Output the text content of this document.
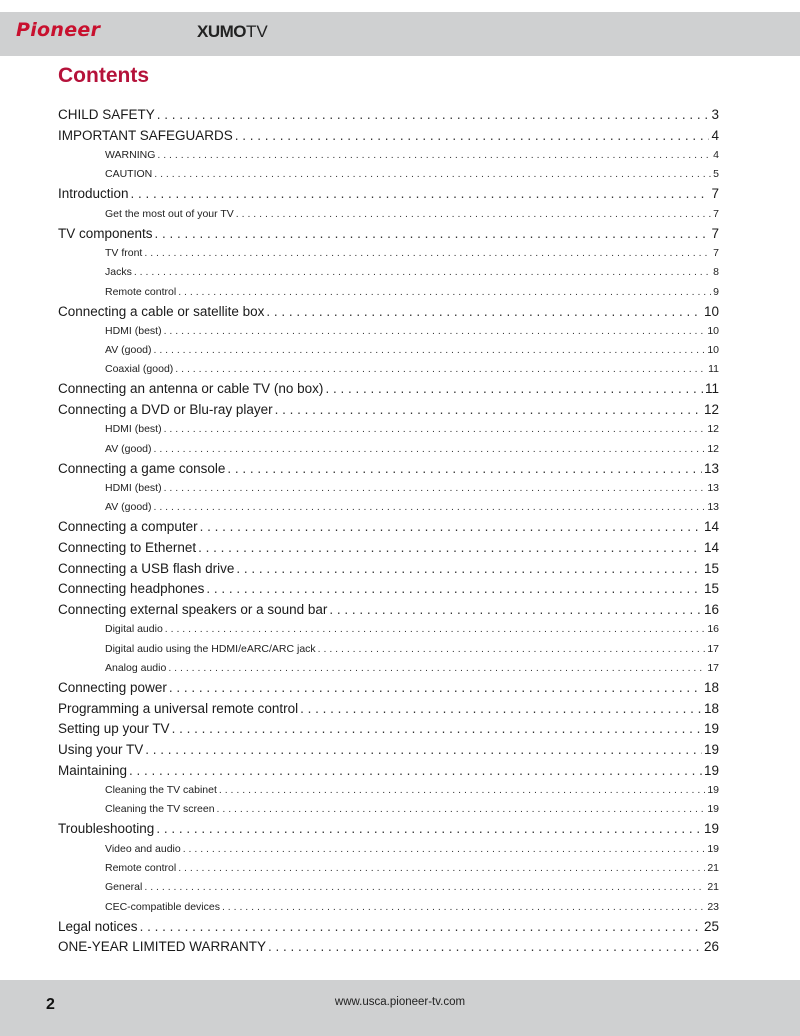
Pioneer	XUMOTV
Contents
CHILD SAFETY . . .	3
IMPORTANT SAFEGUARDS . . .	4
WARNING . . .	4
CAUTION . . .	5
Introduction . . .	7
Get the most out of your TV . . .	7
TV components . . .	7
TV front . . .	7
Jacks . . .	8
Remote control . . .	9
Connecting a cable or satellite box . . .	10
HDMI (best) . . .	10
AV (good) . . .	10
Coaxial (good) . . .	11
Connecting an antenna or cable TV (no box) . . .	11
Connecting a DVD or Blu-ray player . . .	12
HDMI (best) . . .	12
AV (good) . . .	12
Connecting a game console . . .	13
HDMI (best) . . .	13
AV (good) . . .	13
Connecting a computer . . .	14
Connecting to Ethernet . . .	14
Connecting a USB flash drive . . .	15
Connecting headphones . . .	15
Connecting external speakers or a sound bar . . .	16
Digital audio . . .	16
Digital audio using the HDMI/eARC/ARC jack . . .	17
Analog audio . . .	17
Connecting power . . .	18
Programming a universal remote control . . .	18
Setting up your TV . . .	19
Using your TV . . .	19
Maintaining . . .	19
Cleaning the TV cabinet . . .	19
Cleaning the TV screen . . .	19
Troubleshooting . . .	19
Video and audio . . .	19
Remote control . . .	21
General . . .	21
CEC-compatible devices . . .	23
Legal notices . . .	25
ONE-YEAR LIMITED WARRANTY . . .	26
2	www.usca.pioneer-tv.com
